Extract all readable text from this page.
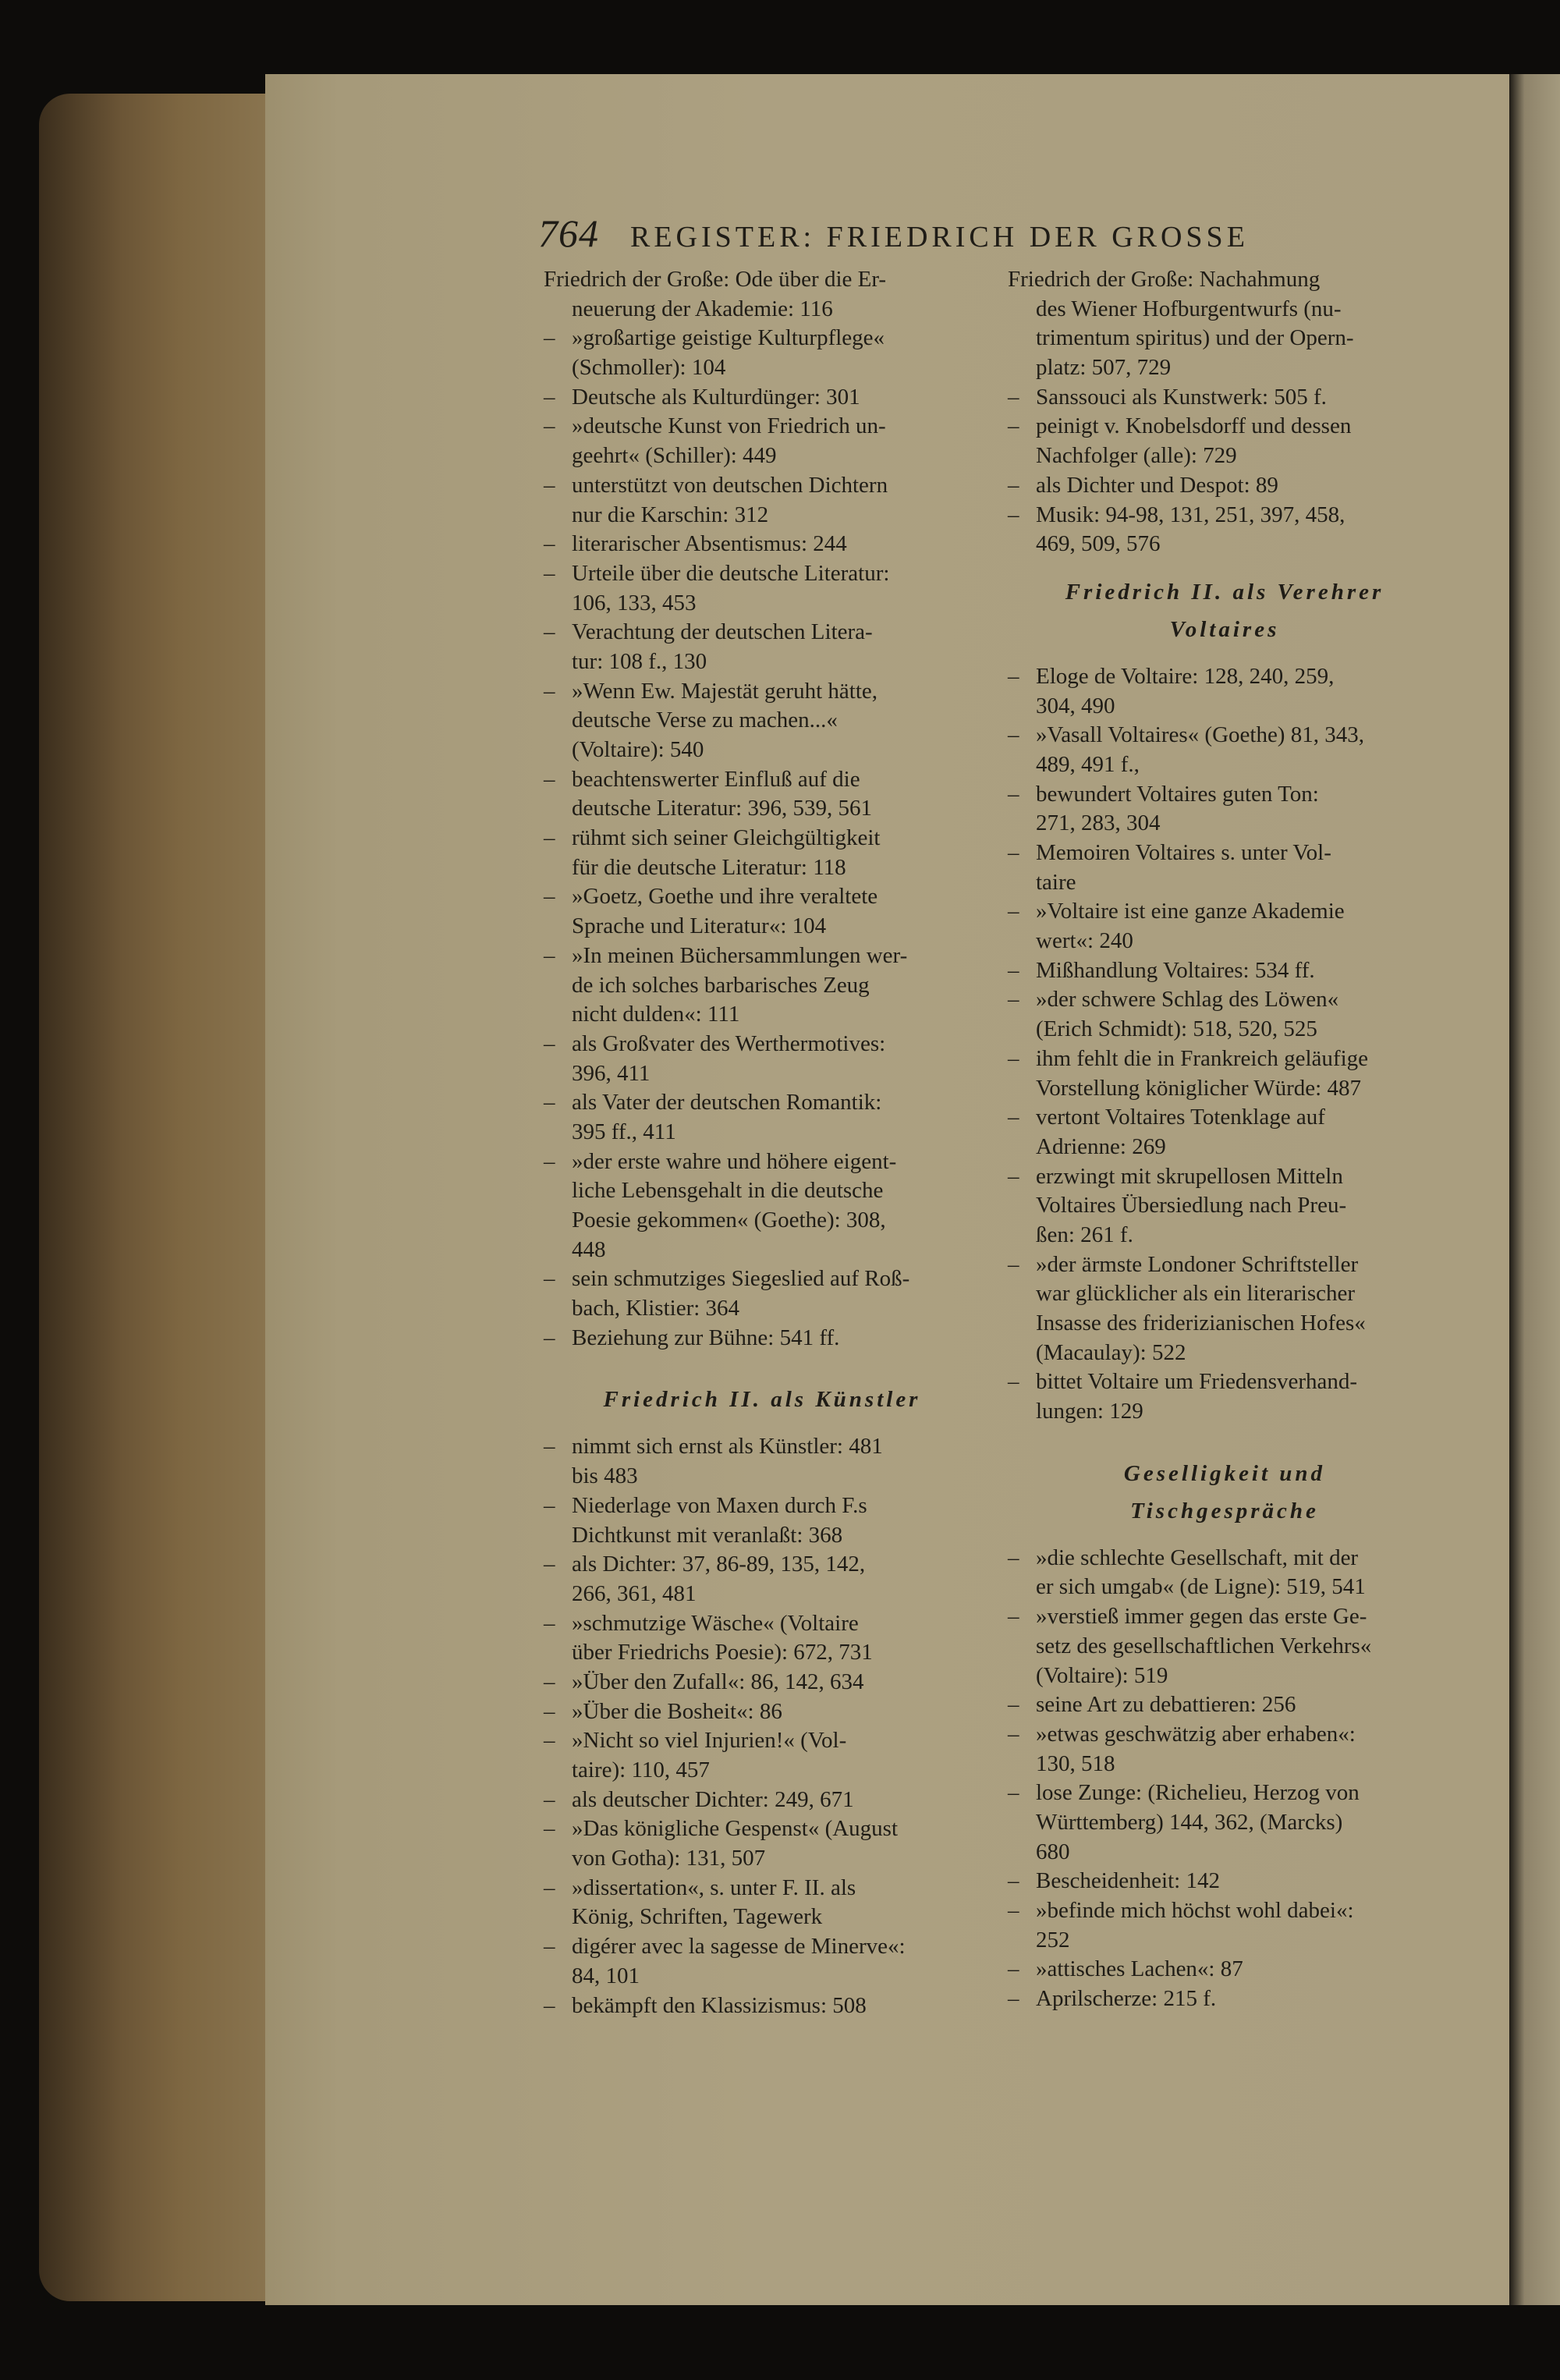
764 REGISTER: FRIEDRICH DER GROSSE
Friedrich der Große: Ode über die Er-
neuerung der Akademie: 116
– »großartige geistige Kulturpflege«
(Schmoller): 104
– Deutsche als Kulturdünger: 301
– »deutsche Kunst von Friedrich un-
geehrt« (Schiller): 449
– unterstützt von deutschen Dichtern
nur die Karschin: 312
– literarischer Absentismus: 244
– Urteile über die deutsche Literatur:
106, 133, 453
– Verachtung der deutschen Litera-
tur: 108 f., 130
– »Wenn Ew. Majestät geruht hätte,
deutsche Verse zu machen...«
(Voltaire): 540
– beachtenswerter Einfluß auf die
deutsche Literatur: 396, 539, 561
– rühmt sich seiner Gleichgültigkeit
für die deutsche Literatur: 118
– »Goetz, Goethe und ihre veraltete
Sprache und Literatur«: 104
– »In meinen Büchersammlungen wer-
de ich solches barbarisches Zeug
nicht dulden«: 111
– als Großvater des Werthermotives:
396, 411
– als Vater der deutschen Romantik:
395 ff., 411
– »der erste wahre und höhere eigent-
liche Lebensgehalt in die deutsche
Poesie gekommen« (Goethe): 308,
448
– sein schmutziges Siegeslied auf Roß-
bach, Klistier: 364
– Beziehung zur Bühne: 541 ff.
Friedrich II. als Künstler
– nimmt sich ernst als Künstler: 481
bis 483
– Niederlage von Maxen durch F.s
Dichtkunst mit veranlaßt: 368
– als Dichter: 37, 86-89, 135, 142,
266, 361, 481
– »schmutzige Wäsche« (Voltaire
über Friedrichs Poesie): 672, 731
– »Über den Zufall«: 86, 142, 634
– »Über die Bosheit«: 86
– »Nicht so viel Injurien!« (Vol-
taire): 110, 457
– als deutscher Dichter: 249, 671
– »Das königliche Gespenst« (August
von Gotha): 131, 507
– »dissertation«, s. unter F. II. als
König, Schriften, Tagewerk
– digérer avec la sagesse de Minerve«:
84, 101
– bekämpft den Klassizismus: 508
Friedrich der Große: Nachahmung
des Wiener Hofburgentwurfs (nu-
trimentum spiritus) und der Opern-
platz: 507, 729
– Sanssouci als Kunstwerk: 505 f.
– peinigt v. Knobelsdorff und dessen
Nachfolger (alle): 729
– als Dichter und Despot: 89
– Musik: 94-98, 131, 251, 397, 458,
469, 509, 576
Friedrich II. als Verehrer
Voltaires
– Eloge de Voltaire: 128, 240, 259,
304, 490
– »Vasall Voltaires« (Goethe) 81, 343,
489, 491 f.,
– bewundert Voltaires guten Ton:
271, 283, 304
– Memoiren Voltaires s. unter Vol-
taire
– »Voltaire ist eine ganze Akademie
wert«: 240
– Mißhandlung Voltaires: 534 ff.
– »der schwere Schlag des Löwen«
(Erich Schmidt): 518, 520, 525
– ihm fehlt die in Frankreich geläufige
Vorstellung königlicher Würde: 487
– vertont Voltaires Totenklage auf
Adrienne: 269
– erzwingt mit skrupellosen Mitteln
Voltaires Übersiedlung nach Preu-
ßen: 261 f.
– »der ärmste Londoner Schriftsteller
war glücklicher als ein literarischer
Insasse des friderizianischen Hofes«
(Macaulay): 522
– bittet Voltaire um Friedensverhand-
lungen: 129
Geselligkeit und
Tischgespräche
– »die schlechte Gesellschaft, mit der
er sich umgab« (de Ligne): 519, 541
– »verstieß immer gegen das erste Ge-
setz des gesellschaftlichen Verkehrs«
(Voltaire): 519
– seine Art zu debattieren: 256
– »etwas geschwätzig aber erhaben«:
130, 518
– lose Zunge: (Richelieu, Herzog von
Württemberg) 144, 362, (Marcks)
680
– Bescheidenheit: 142
– »befinde mich höchst wohl dabei«:
252
– »attisches Lachen«: 87
– Aprilscherze: 215 f.
